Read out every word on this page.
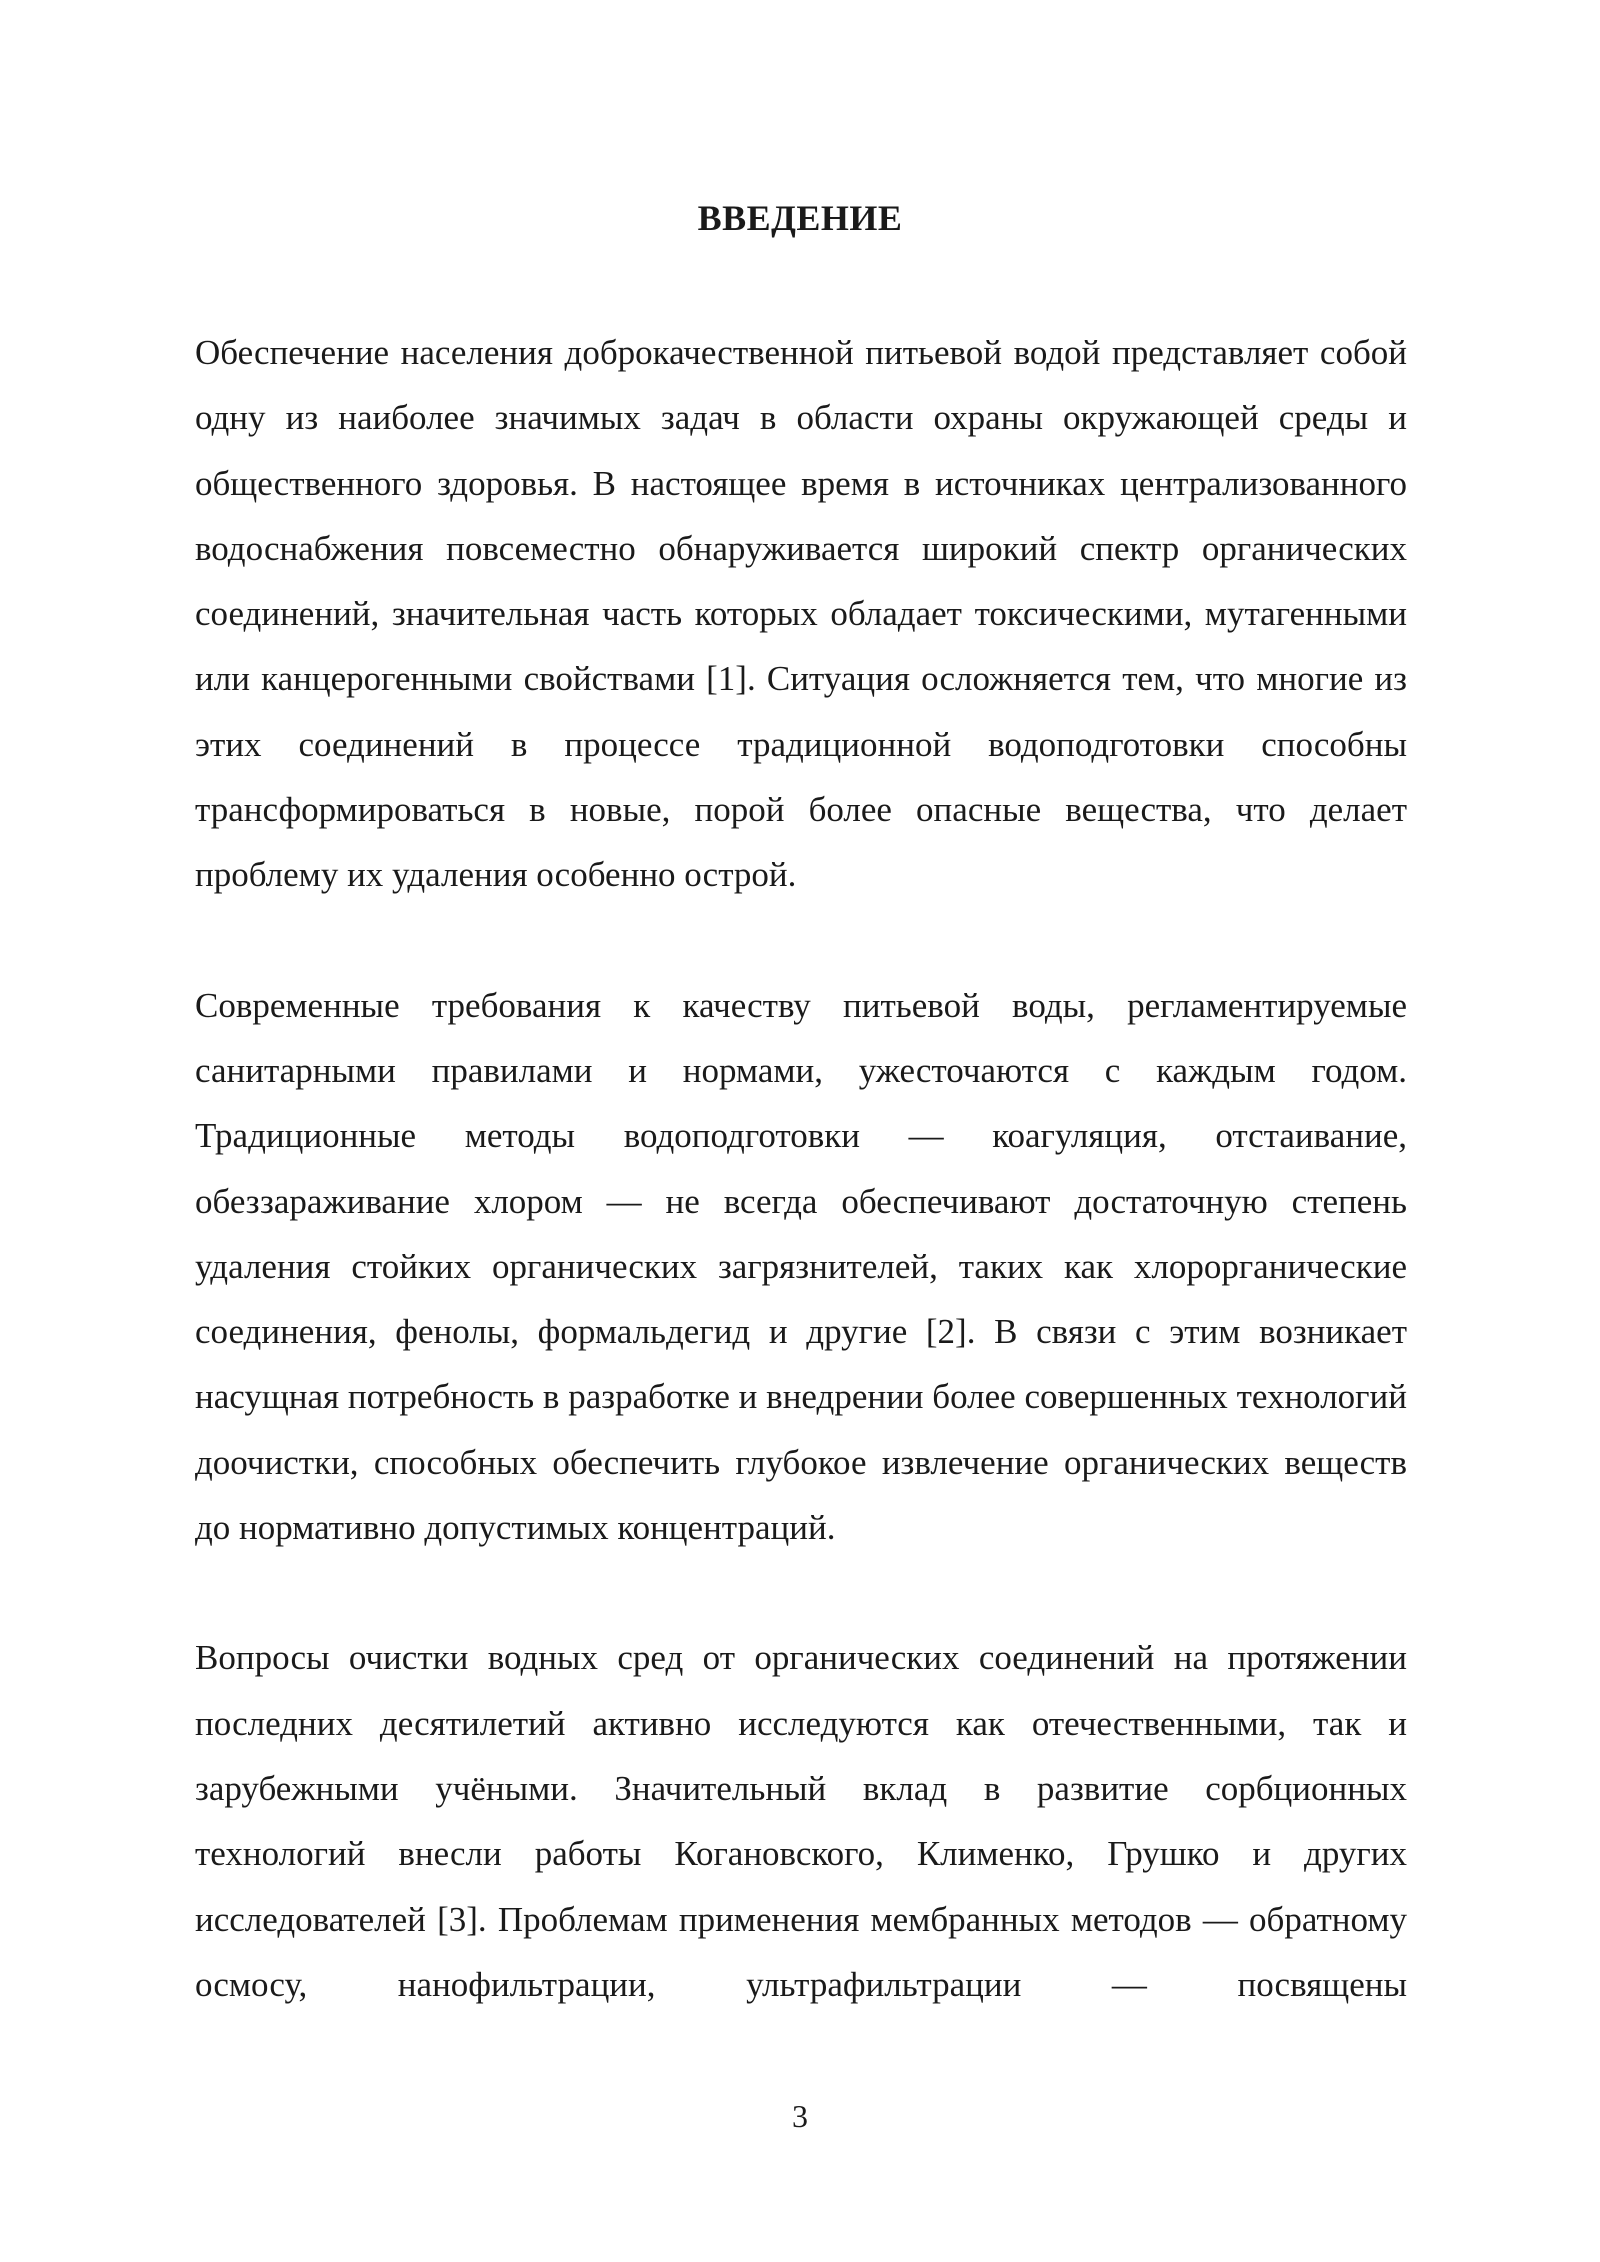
ВВЕДЕНИЕ

Обеспечение населения доброкачественной питьевой водой представляет собой одну из наиболее значимых задач в области охраны окружающей среды и общественного здоровья. В настоящее время в источниках централизованного водоснабжения повсеместно обнаруживается широкий спектр органических соединений, значительная часть которых обладает токсическими, мутагенными или канцерогенными свойствами [1]. Ситуация осложняется тем, что многие из этих соединений в процессе традиционной водоподготовки способны трансформироваться в новые, порой более опасные вещества, что делает проблему их удаления особенно острой.

Современные требования к качеству питьевой воды, регламентируемые санитарными правилами и нормами, ужесточаются с каждым годом. Традиционные методы водоподготовки — коагуляция, отстаивание, обеззараживание хлором — не всегда обеспечивают достаточную степень удаления стойких органических загрязнителей, таких как хлорорганические соединения, фенолы, формальдегид и другие [2]. В связи с этим возникает насущная потребность в разработке и внедрении более совершенных технологий доочистки, способных обеспечить глубокое извлечение органических веществ до нормативно допустимых концентраций.

Вопросы очистки водных сред от органических соединений на протяжении последних десятилетий активно исследуются как отечественными, так и зарубежными учёными. Значительный вклад в развитие сорбционных технологий внесли работы Когановского, Клименко, Грушко и других исследователей [3]. Проблемам применения мембранных методов — обратному осмосу, нанофильтрации, ультрафильтрации — посвящены

3
